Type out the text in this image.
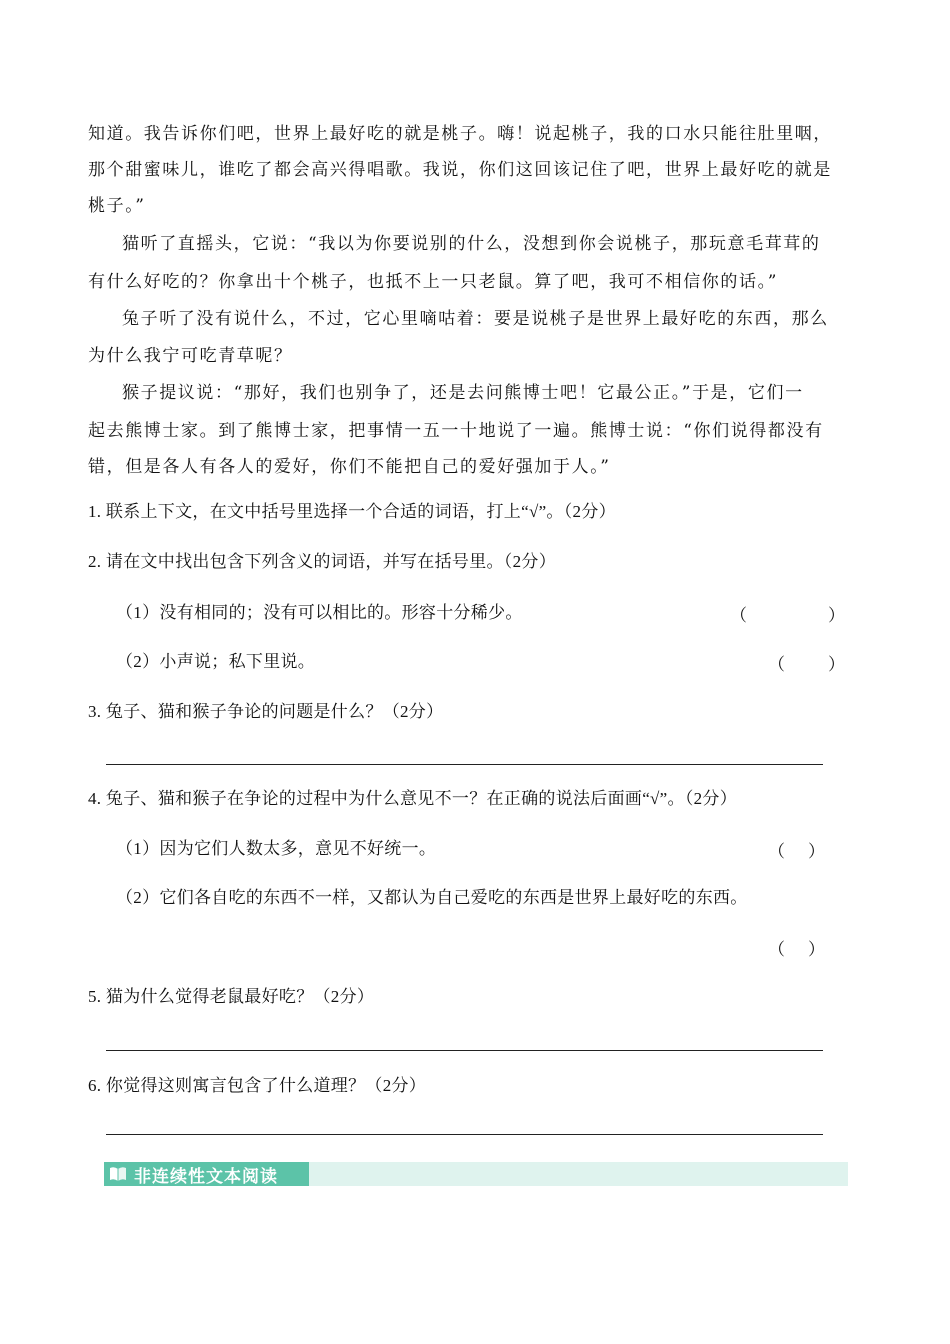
知道。我告诉你们吧，世界上最好吃的就是桃子。嗨！说起桃子，我的口水只能往肚里咽，
那个甜蜜味儿，谁吃了都会高兴得唱歌。我说，你们这回该记住了吧，世界上最好吃的就是
桃子。”
猫听了直摇头，它说：“我以为你要说别的什么，没想到你会说桃子，那玩意毛茸茸的
有什么好吃的？你拿出十个桃子，也抵不上一只老鼠。算了吧，我可不相信你的话。”
兔子听了没有说什么，不过，它心里嘀咕着：要是说桃子是世界上最好吃的东西，那么
为什么我宁可吃青草呢？
猴子提议说：“那好，我们也别争了，还是去问熊博士吧！它最公正。”于是，它们一
起去熊博士家。到了熊博士家，把事情一五一十地说了一遍。熊博士说：“你们说得都没有
错，但是各人有各人的爱好，你们不能把自己的爱好强加于人。”
1. 联系上下文，在文中括号里选择一个合适的词语，打上“√”。（2分）
2. 请在文中找出包含下列含义的词语，并写在括号里。（2分）
（1）没有相同的；没有可以相比的。形容十分稀少。	（	）
（2）小声说；私下里说。	（	）
3. 兔子、猫和猴子争论的问题是什么？（2分）
4. 兔子、猫和猴子在争论的过程中为什么意见不一？在正确的说法后面画“√”。（2分）
（1）因为它们人数太多，意见不好统一。	（ ）
（2）它们各自吃的东西不一样，又都认为自己爱吃的东西是世界上最好吃的东西。
（ ）
5. 猫为什么觉得老鼠最好吃？（2分）
6. 你觉得这则寓言包含了什么道理？（2分）
非连续性文本阅读
